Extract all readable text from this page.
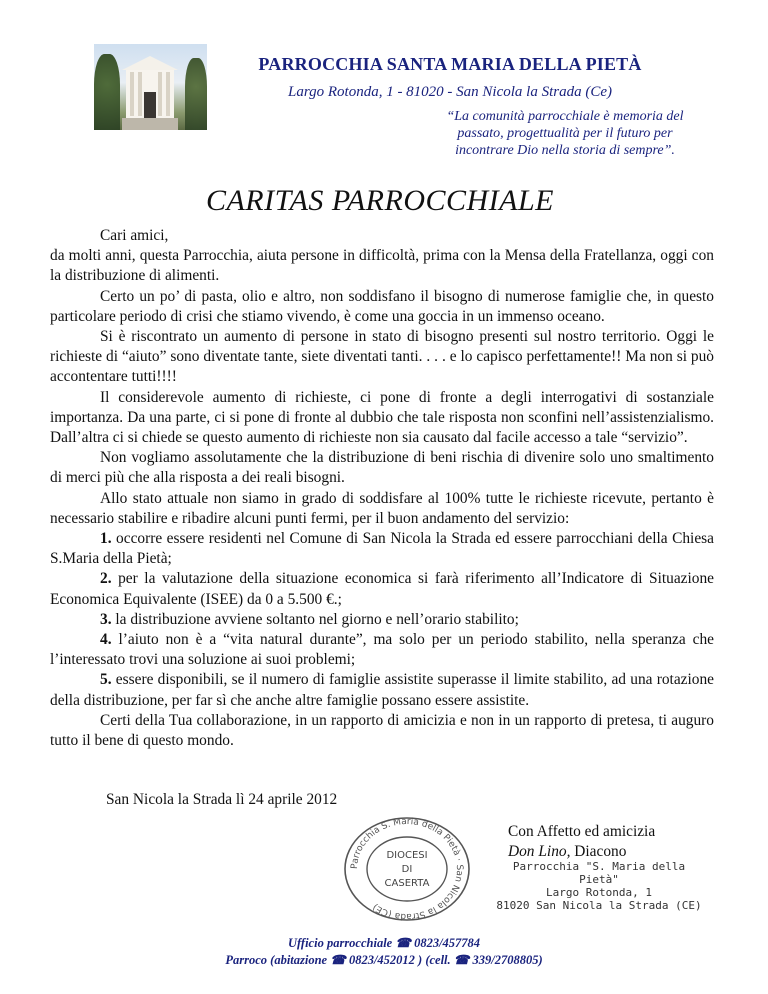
PARROCCHIA SANTA MARIA DELLA PIETÀ
Largo Rotonda, 1 - 81020 - San Nicola la Strada (Ce)
“La comunità parrocchiale è memoria del
passato, progettualità per il futuro per
incontrare Dio nella storia di sempre”.
CARITAS PARROCCHIALE

Cari amici,

da molti anni, questa Parrocchia, aiuta persone in difficoltà, prima con la Mensa della Fratellanza, oggi con la distribuzione di alimenti.

Certo un po’ di pasta, olio e altro, non soddisfano il bisogno di numerose famiglie che, in questo particolare periodo di crisi che stiamo vivendo, è come una goccia in un immenso oceano.

Si è riscontrato un aumento di persone in stato di bisogno presenti sul nostro territorio. Oggi le richieste di “aiuto” sono diventate tante, siete diventati tanti. . . . e lo capisco perfettamente!! Ma non si può accontentare tutti!!!!

Il considerevole aumento di richieste, ci pone di fronte a degli interrogativi di sostanziale importanza. Da una parte, ci si pone di fronte al dubbio che tale risposta non sconfini nell’assistenzialismo. Dall’altra ci si chiede se questo aumento di richieste non sia causato dal facile accesso a tale “servizio”.

Non vogliamo assolutamente che la distribuzione di beni rischia di divenire solo uno smaltimento di merci più che alla risposta a dei reali bisogni.

Allo stato attuale non siamo in grado di soddisfare al 100% tutte le richieste ricevute, pertanto è necessario stabilire e ribadire alcuni punti fermi, per il buon andamento del servizio:

1. occorre essere residenti nel Comune di San Nicola la Strada ed essere parrocchiani della Chiesa S.Maria della Pietà;

2. per la valutazione della situazione economica si farà riferimento all’Indicatore di Situazione Economica Equivalente (ISEE) da 0 a 5.500 €.;

3. la distribuzione avviene soltanto nel giorno e nell’orario stabilito;

4. l’aiuto non è a “vita natural durante”, ma solo per un periodo stabilito, nella speranza che l’interessato trovi una soluzione ai suoi problemi;

5. essere disponibili, se il numero di famiglie assistite superasse il limite stabilito, ad una rotazione della distribuzione, per far sì che anche altre famiglie possano essere assistite.

Certi della Tua collaborazione, in un rapporto di amicizia e non in un rapporto di pretesa, ti auguro tutto il bene di questo mondo.

San Nicola la Strada lì 24 aprile 2012
Parrocchia S. Maria della Pietà · San Nicola la Strada (CE)
DIOCESI
DI
CASERTA
Con Affetto ed amicizia
Don Lino, Diacono
Parrocchia "S. Maria della Pietà"
Largo Rotonda, 1
81020 San Nicola la Strada (CE)
Ufficio parrocchiale ☎ 0823/457784
Parroco (abitazione ☎ 0823/452012 ) (cell. ☎ 339/2708805)
